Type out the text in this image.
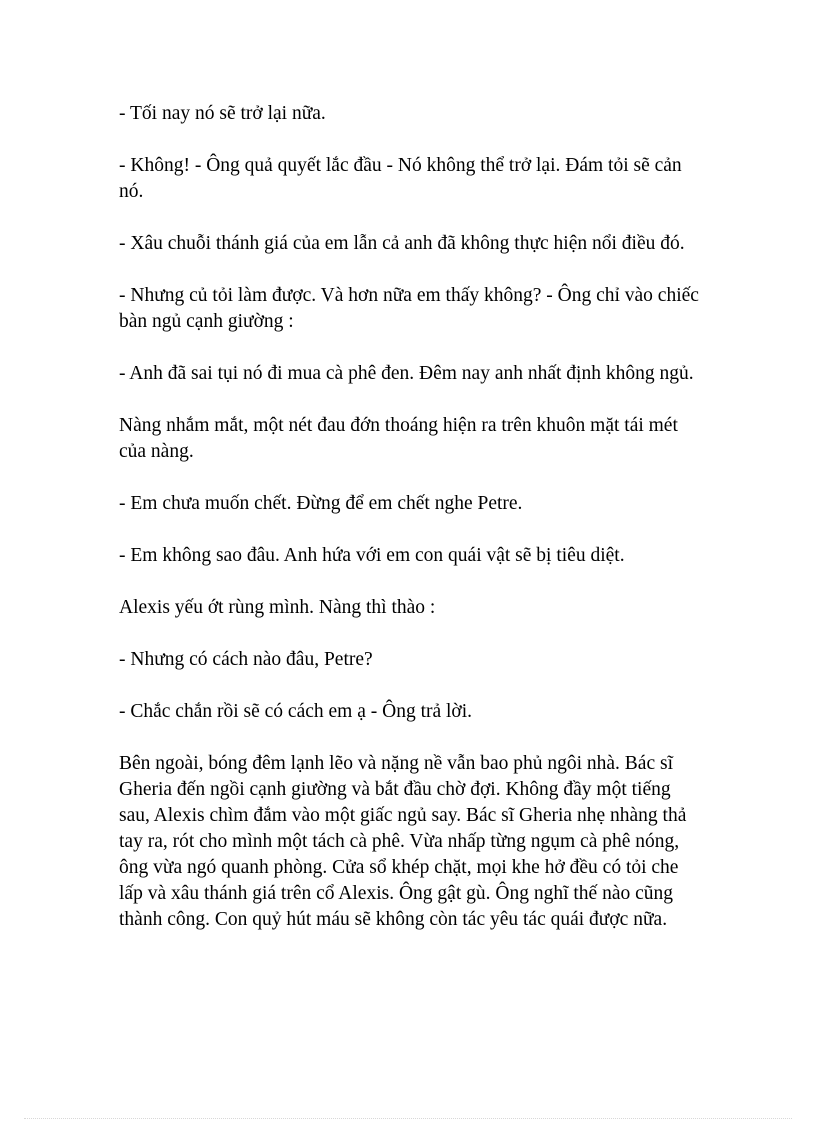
- Tối nay nó sẽ trở lại nữa.

- Không! - Ông quả quyết lắc đầu - Nó không thể trở lại. Đám tỏi sẽ cản nó.

- Xâu chuỗi thánh giá của em lẫn cả anh đã không thực hiện nổi điều đó.

- Nhưng củ tỏi làm được. Và hơn nữa em thấy không? - Ông chỉ vào chiếc bàn ngủ cạnh giường :

- Anh đã sai tụi nó đi mua cà phê đen. Đêm nay anh nhất định không ngủ.

Nàng nhắm mắt, một nét đau đớn thoáng hiện ra trên khuôn mặt tái mét của nàng.

- Em chưa muốn chết. Đừng để em chết nghe Petre.

- Em không sao đâu. Anh hứa với em con quái vật sẽ bị tiêu diệt.

Alexis yếu ớt rùng mình. Nàng thì thào :

- Nhưng có cách nào đâu, Petre?

- Chắc chắn rồi sẽ có cách em ạ - Ông trả lời.

Bên ngoài, bóng đêm lạnh lẽo và nặng nề vẫn bao phủ ngôi nhà. Bác sĩ Gheria đến ngồi cạnh giường và bắt đầu chờ đợi. Không đầy một tiếng sau, Alexis chìm đắm vào một giấc ngủ say. Bác sĩ Gheria nhẹ nhàng thả tay ra, rót cho mình một tách cà phê. Vừa nhấp từng ngụm cà phê nóng, ông vừa ngó quanh phòng. Cửa sổ khép chặt, mọi khe hở đều có tỏi che lấp và xâu thánh giá trên cổ Alexis. Ông gật gù. Ông nghĩ thế nào cũng thành công. Con quỷ hút máu sẽ không còn tác yêu tác quái được nữa.
